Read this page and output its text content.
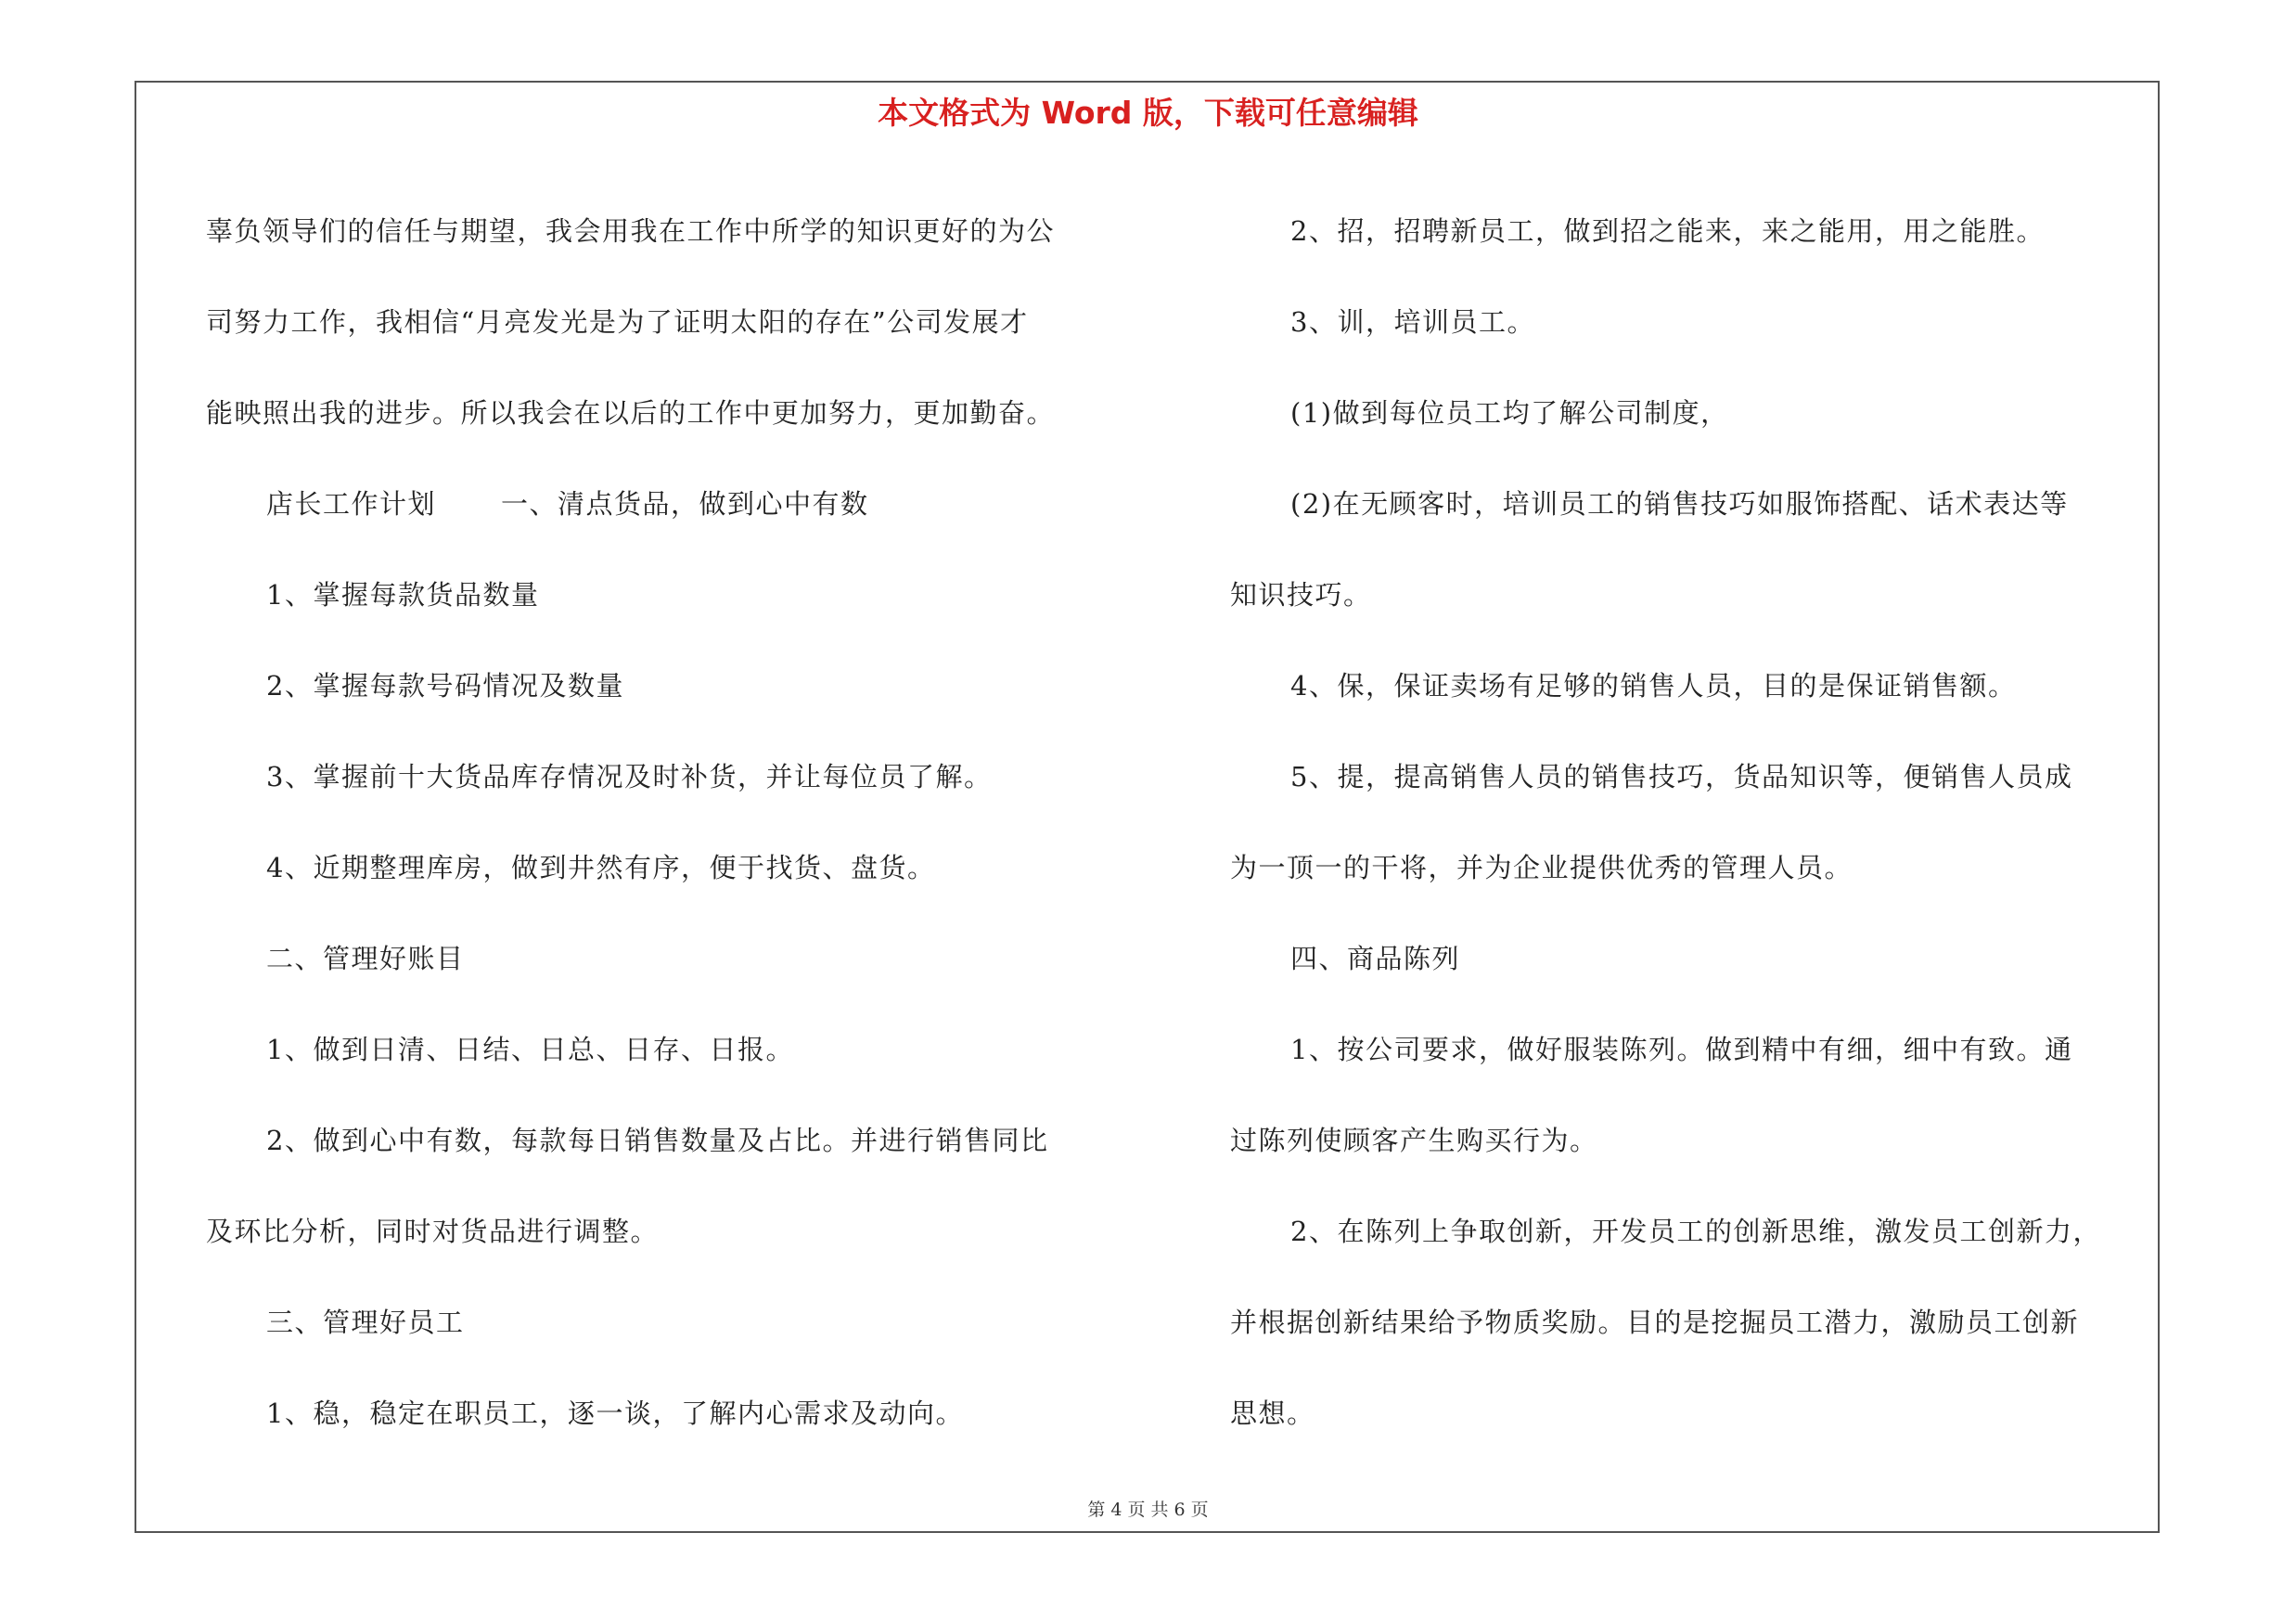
本文格式为 Word 版，下载可任意编辑

辜负领导们的信任与期望，我会用我在工作中所学的知识更好的为公

司努力工作，我相信“月亮发光是为了证明太阳的存在”公司发展才

能映照出我的进步。所以我会在以后的工作中更加努力，更加勤奋。

店长工作计划 一、清点货品，做到心中有数

1、掌握每款货品数量

2、掌握每款号码情况及数量

3、掌握前十大货品库存情况及时补货，并让每位员了解。

4、近期整理库房，做到井然有序，便于找货、盘货。

二、管理好账目

1、做到日清、日结、日总、日存、日报。

2、做到心中有数，每款每日销售数量及占比。并进行销售同比

及环比分析，同时对货品进行调整。

三、管理好员工

1、稳，稳定在职员工，逐一谈，了解内心需求及动向。

2、招，招聘新员工，做到招之能来，来之能用，用之能胜。

3、训，培训员工。

(1)做到每位员工均了解公司制度，

(2)在无顾客时，培训员工的销售技巧如服饰搭配、话术表达等

知识技巧。

4、保，保证卖场有足够的销售人员，目的是保证销售额。

5、提，提高销售人员的销售技巧，货品知识等，便销售人员成

为一顶一的干将，并为企业提供优秀的管理人员。

四、商品陈列

1、按公司要求，做好服装陈列。做到精中有细，细中有致。通

过陈列使顾客产生购买行为。

2、在陈列上争取创新，开发员工的创新思维，激发员工创新力，

并根据创新结果给予物质奖励。目的是挖掘员工潜力，激励员工创新

思想。

第 4 页 共 6 页
